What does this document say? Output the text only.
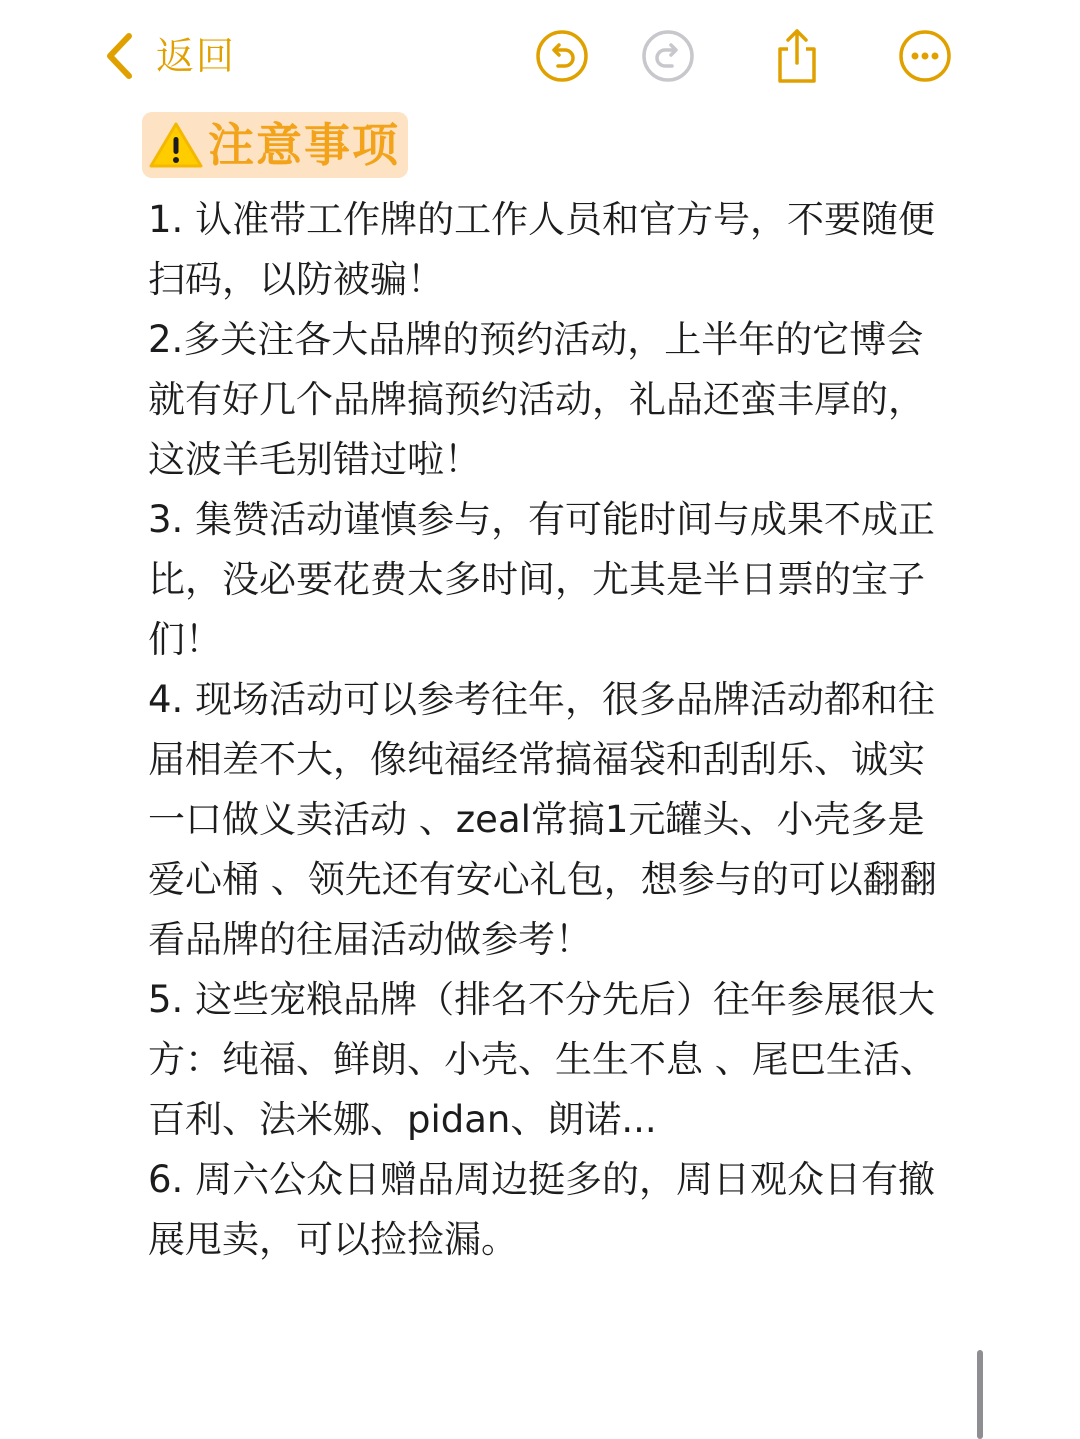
返回
注意事项

1. 认准带工作牌的工作人员和官方号，不要随便扫码，以防被骗！

2.多关注各大品牌的预约活动，上半年的它博会就有好几个品牌搞预约活动，礼品还蛮丰厚的，这波羊毛别错过啦！

3. 集赞活动谨慎参与，有可能时间与成果不成正比，没必要花费太多时间，尤其是半日票的宝子们！

4. 现场活动可以参考往年，很多品牌活动都和往届相差不大，像纯福经常搞福袋和刮刮乐、诚实一口做义卖活动 、zeal常搞1元罐头、小壳多是爱心桶 、领先还有安心礼包，想参与的可以翻翻看品牌的往届活动做参考！

5. 这些宠粮品牌（排名不分先后）往年参展很大方：纯福、鲜朗、小壳、生生不息 、尾巴生活、百利、法米娜、pidan、朗诺...

6. 周六公众日赠品周边挺多的，周日观众日有撤展甩卖，可以捡捡漏。
